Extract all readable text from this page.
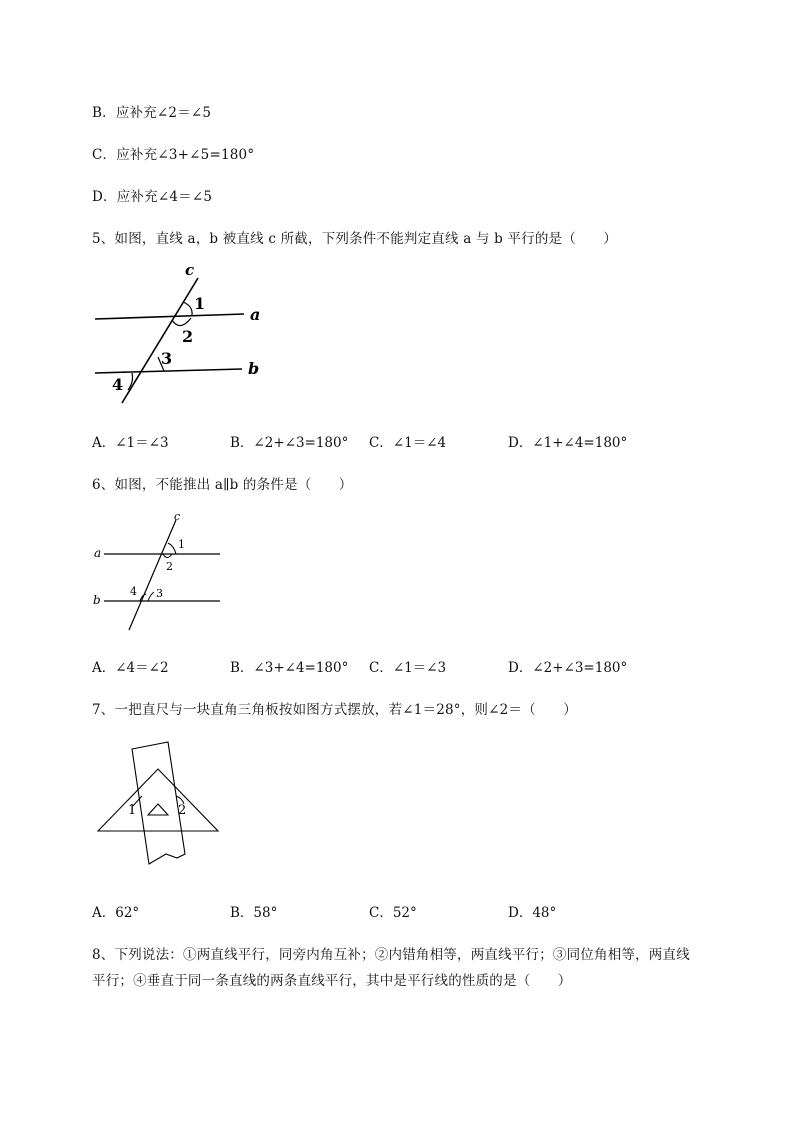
B．应补充∠2＝∠5
C．应补充∠3+∠5=180°
D．应补充∠4＝∠5
5、如图，直线 a，b 被直线 c 所截，下列条件不能判定直线 a 与 b 平行的是（　　）
c
a
b
1
2
3
4
A．∠1＝∠3	B．∠2+∠3=180° C．∠1＝∠4	D．∠1+∠4=180°
6、如图，不能推出 a∥b 的条件是（　　）
c
a
b
1
2
3
4
A．∠4＝∠2	B．∠3+∠4=180° C．∠1＝∠3	D．∠2+∠3=180°
7、一把直尺与一块直角三角板按如图方式摆放，若∠1＝28°，则∠2＝（　　）
1	2
A．62°	B．58°	C．52°	D．48°
8、下列说法：①两直线平行，同旁内角互补；②内错角相等，两直线平行；③同位角相等，两直线
平行；④垂直于同一条直线的两条直线平行，其中是平行线的性质的是（　　）
